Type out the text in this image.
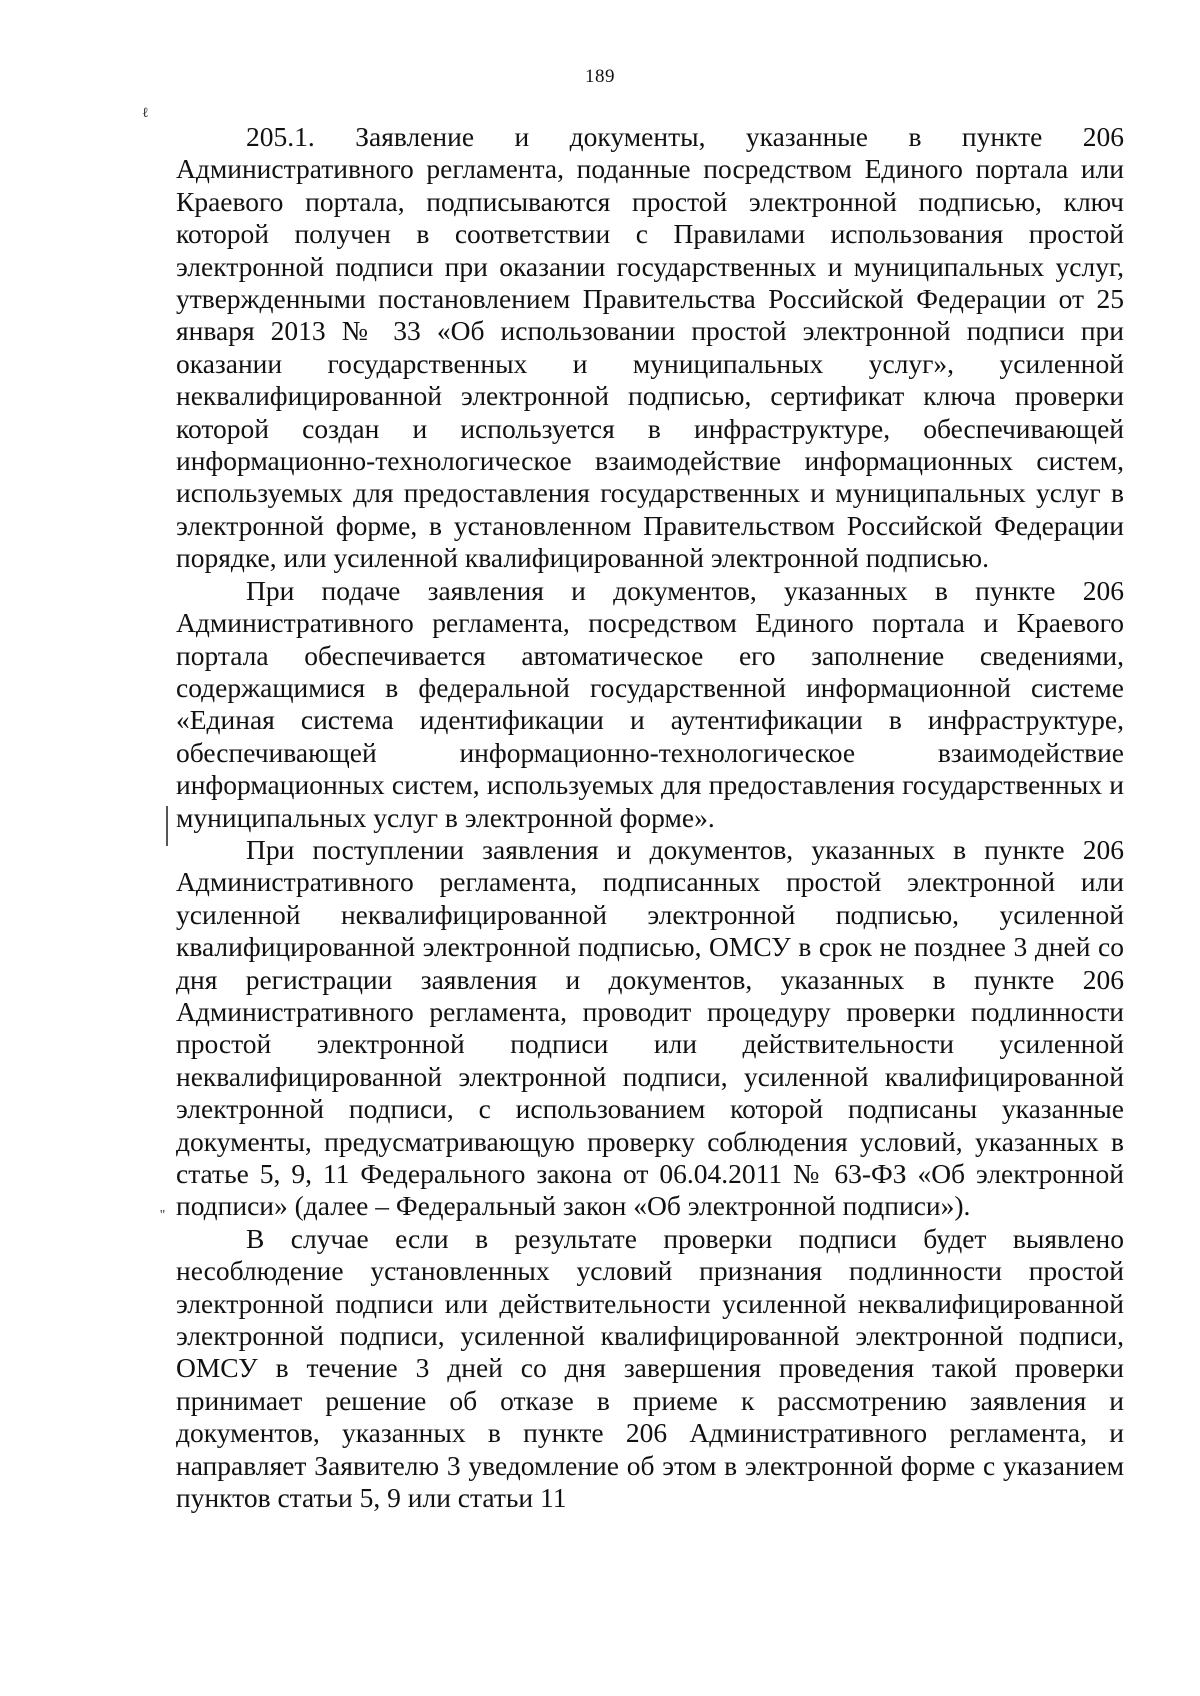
189
ℓ
''

205.1. Заявление и документы, указанные в пункте 206 Административного регламента, поданные посредством Единого портала или Краевого портала, подписываются простой электронной подписью, ключ которой получен в соответствии с Правилами использования простой электронной подписи при оказании государственных и муниципальных услуг, утвержденными постановлением Правительства Российской Федерации от 25 января 2013 № 33 «Об использовании простой электронной подписи при оказании государственных и муниципальных услуг», усиленной неквалифицированной электронной подписью, сертификат ключа проверки которой создан и используется в инфраструктуре, обеспечивающей информационно-технологическое взаимодействие информационных систем, используемых для предоставления государственных и муниципальных услуг в электронной форме, в установленном Правительством Российской Федерации порядке, или усиленной квалифицированной электронной подписью.

При подаче заявления и документов, указанных в пункте 206 Административного регламента, посредством Единого портала и Краевого портала обеспечивается автоматическое его заполнение сведениями, содержащимися в федеральной государственной информационной системе «Единая система идентификации и аутентификации в инфраструктуре, обеспечивающей информационно-технологическое взаимодействие информационных систем, используемых для предоставления государственных и муниципальных услуг в электронной форме».

При поступлении заявления и документов, указанных в пункте 206 Административного регламента, подписанных простой электронной или усиленной неквалифицированной электронной подписью, усиленной квалифицированной электронной подписью, ОМСУ в срок не позднее 3 дней со дня регистрации заявления и документов, указанных в пункте 206 Административного регламента, проводит процедуру проверки подлинности простой электронной подписи или действительности усиленной неквалифицированной электронной подписи, усиленной квалифицированной электронной подписи, с использованием которой подписаны указанные документы, предусматривающую проверку соблюдения условий, указанных в статье 5, 9, 11 Федерального закона от 06.04.2011 № 63-ФЗ «Об электронной подписи» (далее – Федеральный закон «Об электронной подписи»).

В случае если в результате проверки подписи будет выявлено несоблюдение установленных условий признания подлинности простой электронной подписи или действительности усиленной неквалифицированной электронной подписи, усиленной квалифицированной электронной подписи, ОМСУ в течение 3 дней со дня завершения проведения такой проверки принимает решение об отказе в приеме к рассмотрению заявления и документов, указанных в пункте 206 Административного регламента, и направляет Заявителю 3 уведомление об этом в электронной форме с указанием пунктов статьи 5, 9 или статьи 11
